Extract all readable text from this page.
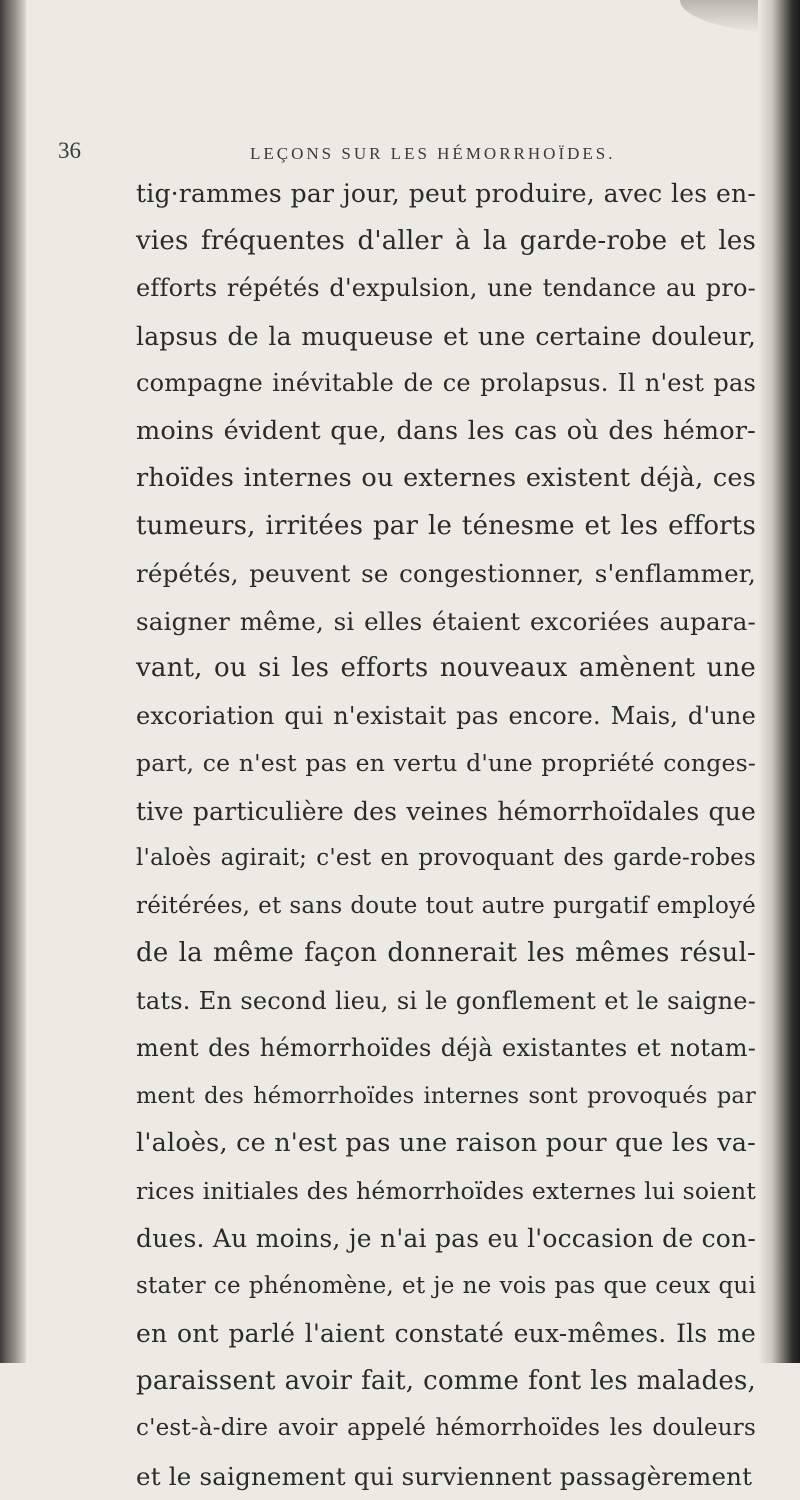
36	LEÇONS SUR LES HÉMORRHOÏDES.
tig·rammes par jour, peut produire, avec les en-
vies fréquentes d'aller à la garde-robe et les
efforts répétés d'expulsion, une tendance au pro-
lapsus de la muqueuse et une certaine douleur,
compagne inévitable de ce prolapsus. Il n'est pas
moins évident que, dans les cas où des hémor-
rhoïdes internes ou externes existent déjà, ces
tumeurs, irritées par le ténesme et les efforts
répétés, peuvent se congestionner, s'enflammer,
saigner même, si elles étaient excoriées aupara-
vant, ou si les efforts nouveaux amènent une
excoriation qui n'existait pas encore. Mais, d'une
part, ce n'est pas en vertu d'une propriété conges-
tive particulière des veines hémorrhoïdales que
l'aloès agirait; c'est en provoquant des garde-robes
réitérées, et sans doute tout autre purgatif employé
de la même façon donnerait les mêmes résul-
tats. En second lieu, si le gonflement et le saigne-
ment des hémorrhoïdes déjà existantes et notam-
ment des hémorrhoïdes internes sont provoqués par
l'aloès, ce n'est pas une raison pour que les va-
rices initiales des hémorrhoïdes externes lui soient
dues. Au moins, je n'ai pas eu l'occasion de con-
stater ce phénomène, et je ne vois pas que ceux qui
en ont parlé l'aient constaté eux-mêmes. Ils me
paraissent avoir fait, comme font les malades,
c'est-à-dire avoir appelé hémorrhoïdes les douleurs
et le saignement qui surviennent passagèrement
